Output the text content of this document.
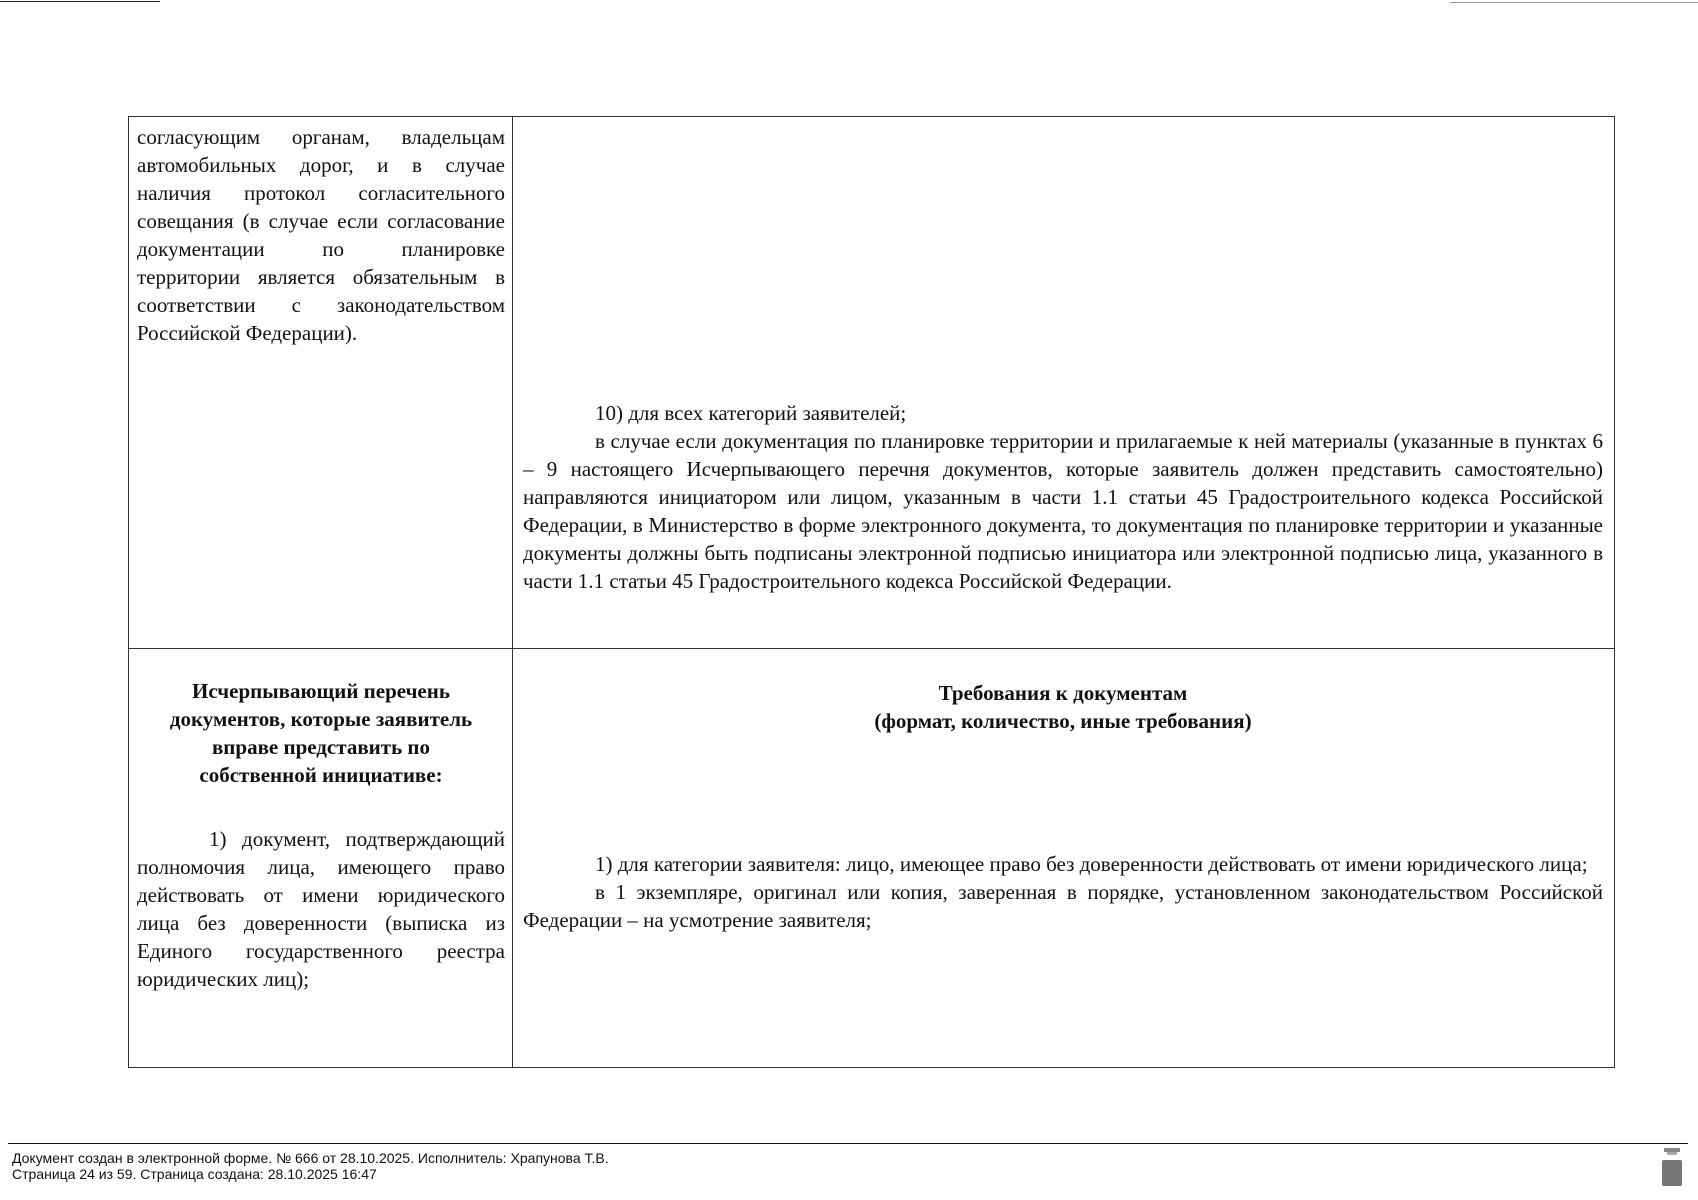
согласующим органам, владельцам автомобильных дорог, и в случае наличия протокол согласительного совещания (в случае если согласование документации по планировке территории является обязательным в соответствии с законодательством Российской Федерации).

10) для всех категорий заявителей;

в случае если документация по планировке территории и прилагаемые к ней материалы (указанные в пунктах 6 – 9 настоящего Исчерпывающего перечня документов, которые заявитель должен представить самостоятельно) направляются инициатором или лицом, указанным в части 1.1 статьи 45 Градостроительного кодекса Российской Федерации, в Министерство в форме электронного документа, то документация по планировке территории и указанные документы должны быть подписаны электронной подписью инициатора или электронной подписью лица, указанного в части 1.1 статьи 45 Градостроительного кодекса Российской Федерации.

Исчерпывающий перечень документов, которые заявитель вправе представить по собственной инициативе:

1) документ, подтверждающий полномочия лица, имеющего право действовать от имени юридического лица без доверенности (выписка из Единого государственного реестра юридических лиц);

Требования к документам

(формат, количество, иные требования)

1) для категории заявителя: лицо, имеющее право без доверенности действовать от имени юридического лица;

в 1 экземпляре, оригинал или копия, заверенная в порядке, установленном законодательством Российской Федерации – на усмотрение заявителя;

Документ создан в электронной форме. № 666 от 28.10.2025. Исполнитель: Храпунова Т.В.
Страница 24 из 59. Страница создана: 28.10.2025 16:47
